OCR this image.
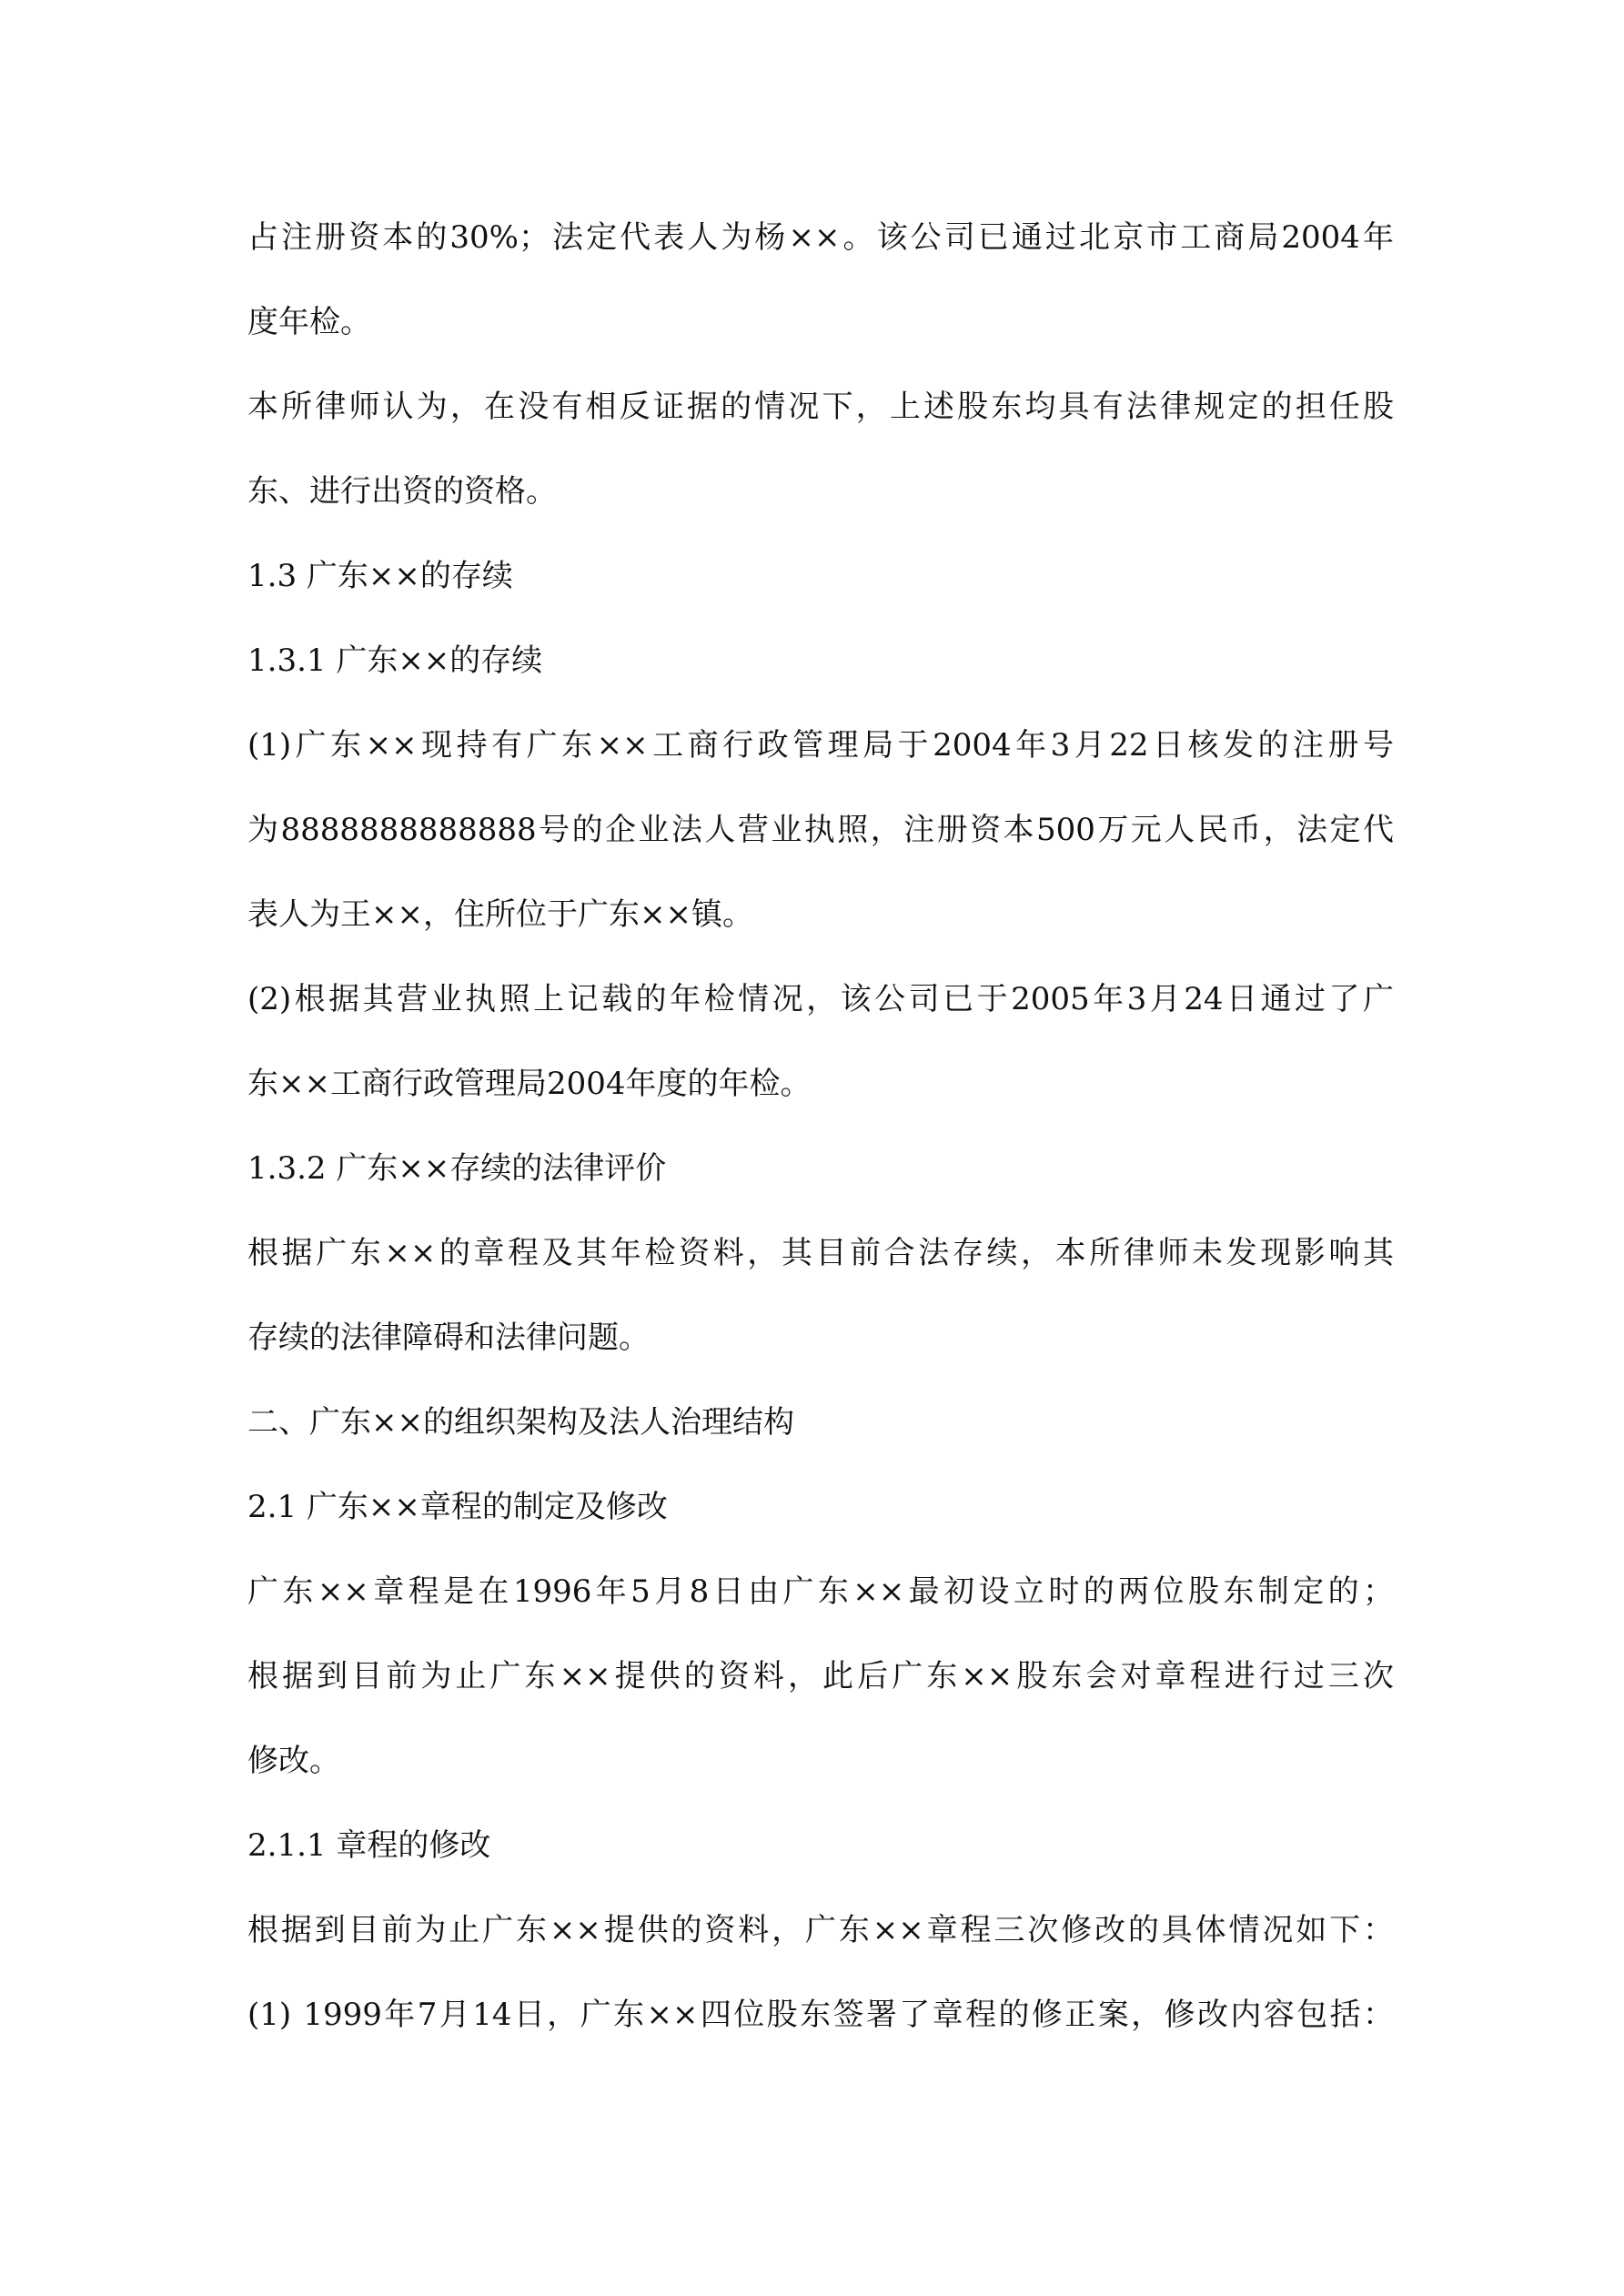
占注册资本的30%；法定代表人为杨××。该公司已通过北京市工商局2004年

度年检。

本所律师认为，在没有相反证据的情况下，上述股东均具有法律规定的担任股

东、进行出资的资格。

1.3 广东××的存续

1.3.1 广东××的存续

(1)广东××现持有广东××工商行政管理局于2004年3月22日核发的注册号

为8888888888888号的企业法人营业执照，注册资本500万元人民币，法定代

表人为王××，住所位于广东××镇。

(2)根据其营业执照上记载的年检情况，该公司已于2005年3月24日通过了广

东××工商行政管理局2004年度的年检。

1.3.2 广东××存续的法律评价

根据广东××的章程及其年检资料，其目前合法存续，本所律师未发现影响其

存续的法律障碍和法律问题。

二、广东××的组织架构及法人治理结构

2.1 广东××章程的制定及修改

广东××章程是在1996年5月8日由广东××最初设立时的两位股东制定的；

根据到目前为止广东××提供的资料，此后广东××股东会对章程进行过三次

修改。

2.1.1 章程的修改

根据到目前为止广东××提供的资料，广东××章程三次修改的具体情况如下：

(1) 1999年7月14日，广东××四位股东签署了章程的修正案，修改内容包括：
